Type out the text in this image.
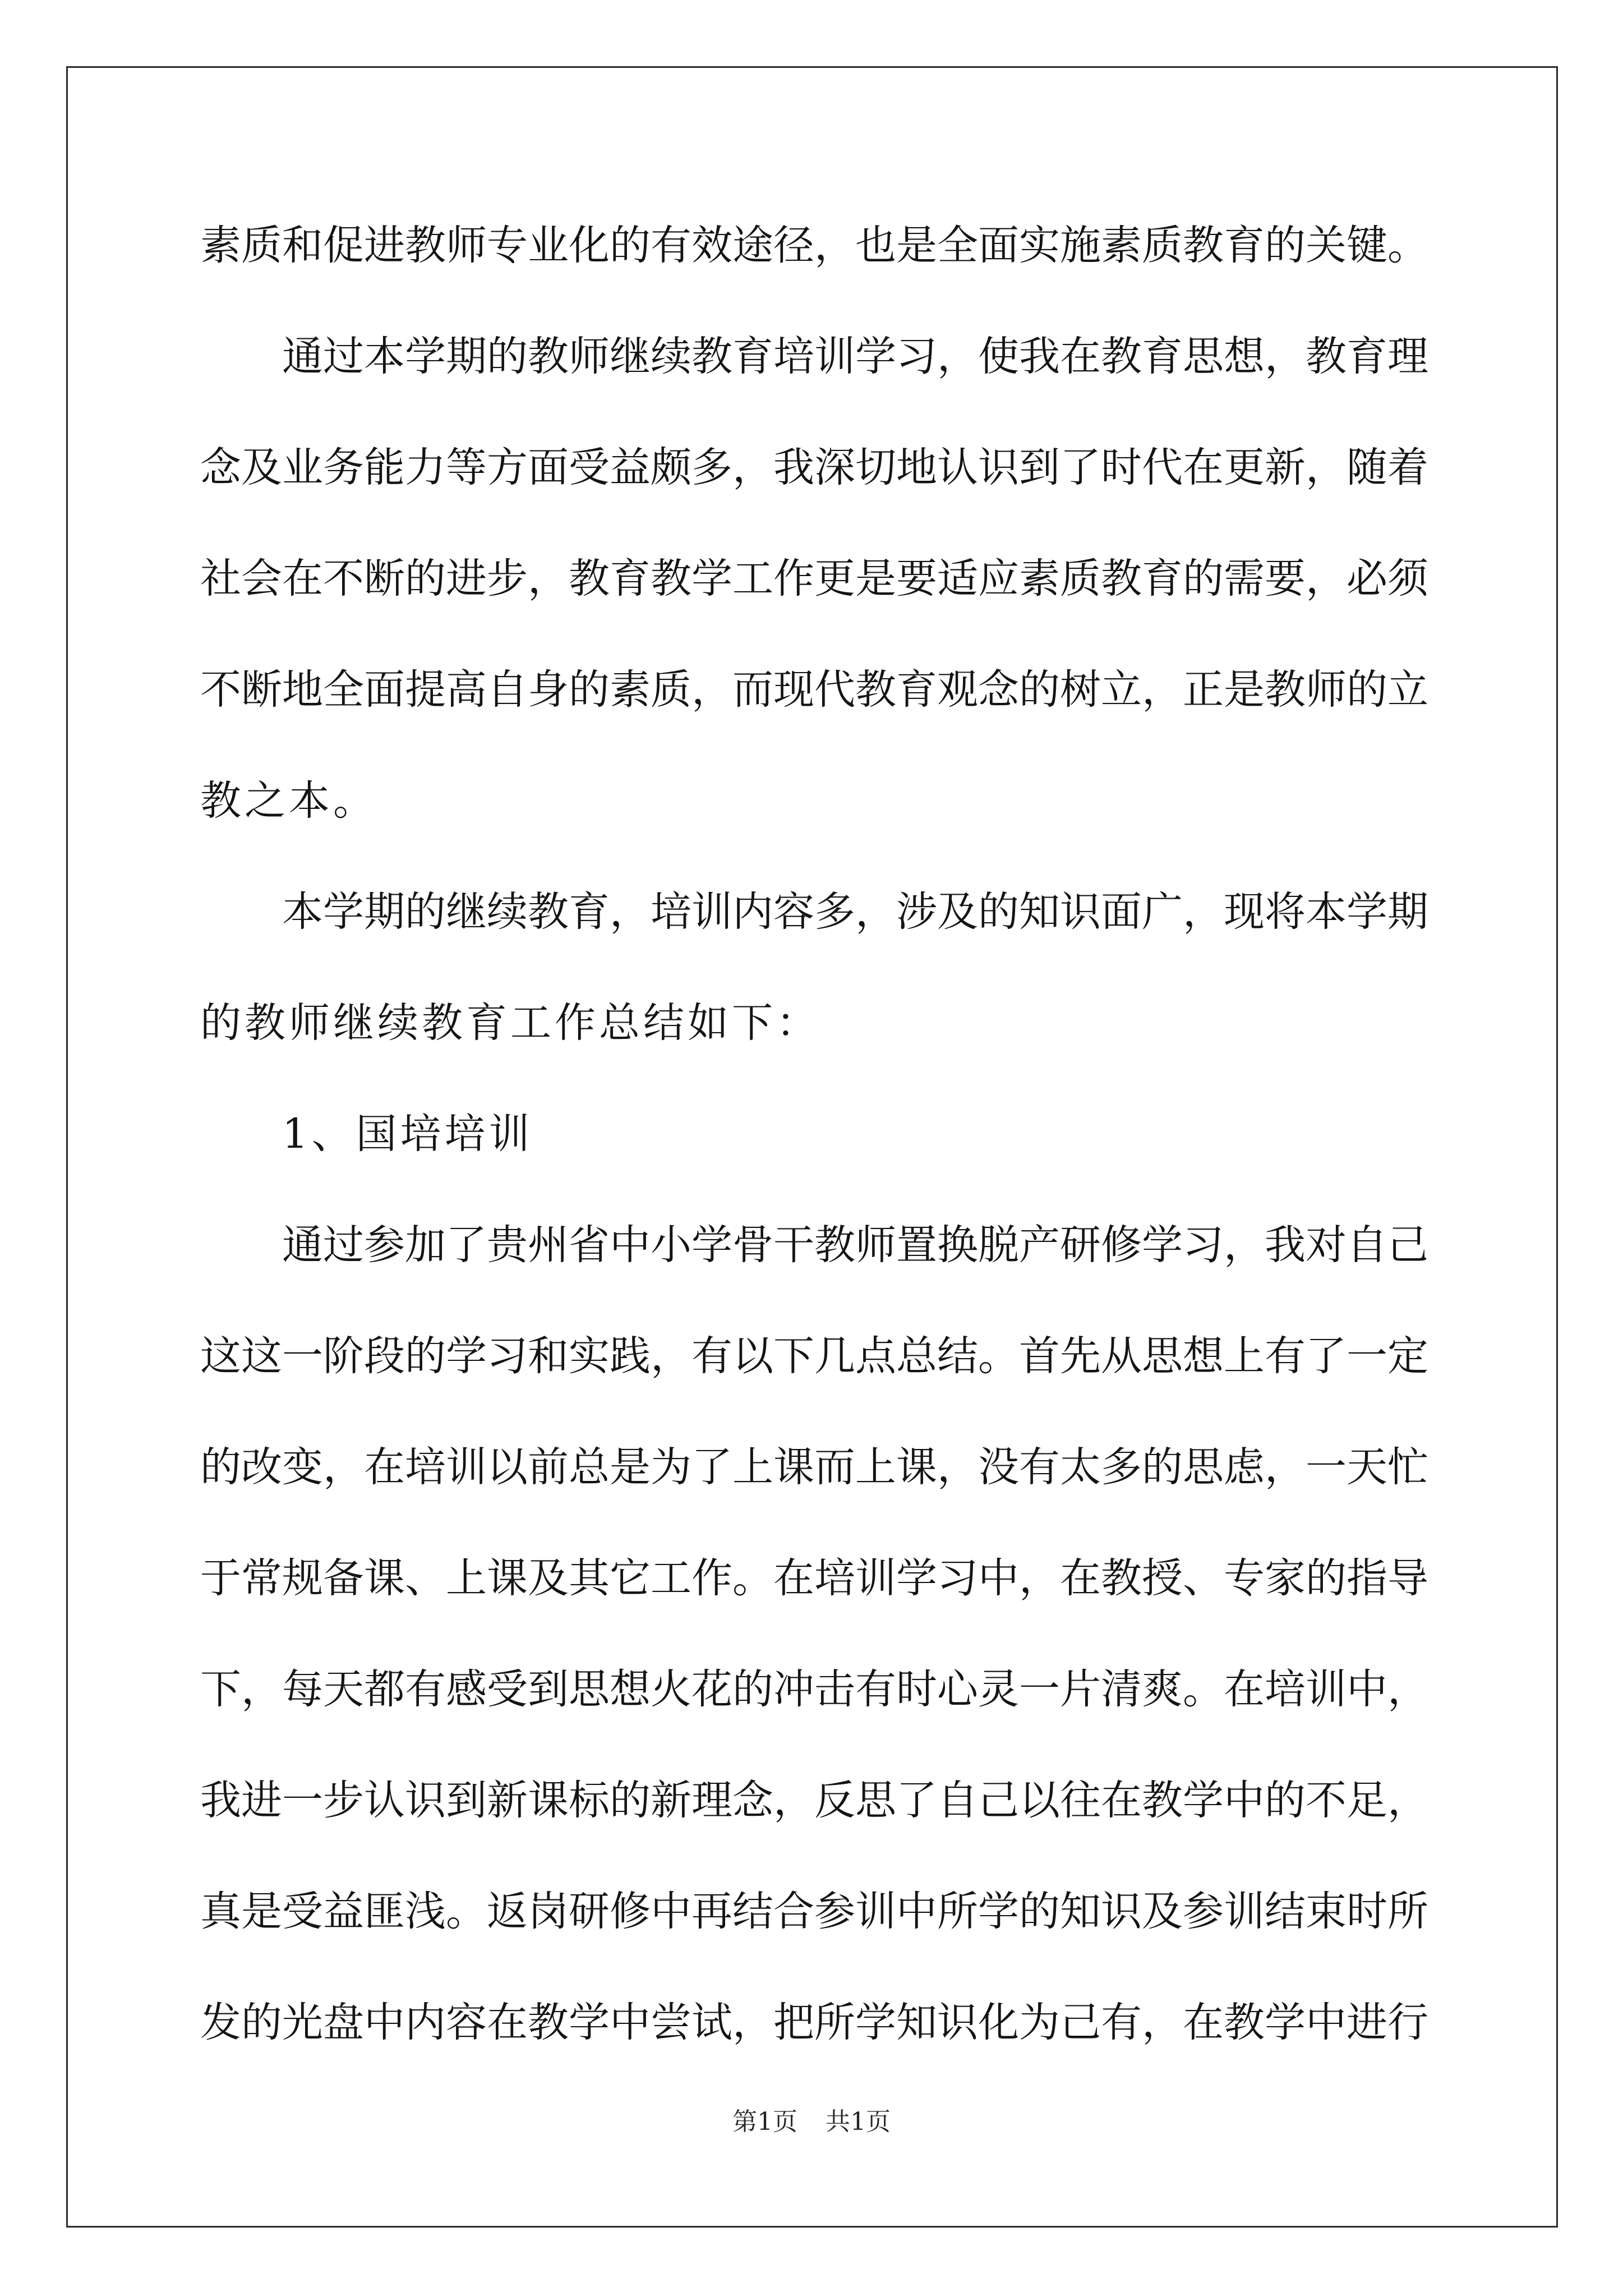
素质和促进教师专业化的有效途径，也是全面实施素质教育的关键。
通过本学期的教师继续教育培训学习，使我在教育思想，教育理
念及业务能力等方面受益颇多，我深切地认识到了时代在更新，随着
社会在不断的进步，教育教学工作更是要适应素质教育的需要，必须
不断地全面提高自身的素质，而现代教育观念的树立，正是教师的立
教之本。
本学期的继续教育，培训内容多，涉及的知识面广，现将本学期
的教师继续教育工作总结如下：
1、国培培训
通过参加了贵州省中小学骨干教师置换脱产研修学习，我对自己
这这一阶段的学习和实践，有以下几点总结。首先从思想上有了一定
的改变，在培训以前总是为了上课而上课，没有太多的思虑，一天忙
于常规备课、上课及其它工作。在培训学习中，在教授、专家的指导
下，每天都有感受到思想火花的冲击有时心灵一片清爽。在培训中，
我进一步认识到新课标的新理念，反思了自己以往在教学中的不足，
真是受益匪浅。返岗研修中再结合参训中所学的知识及参训结束时所
发的光盘中内容在教学中尝试，把所学知识化为己有，在教学中进行
第1页 共1页
